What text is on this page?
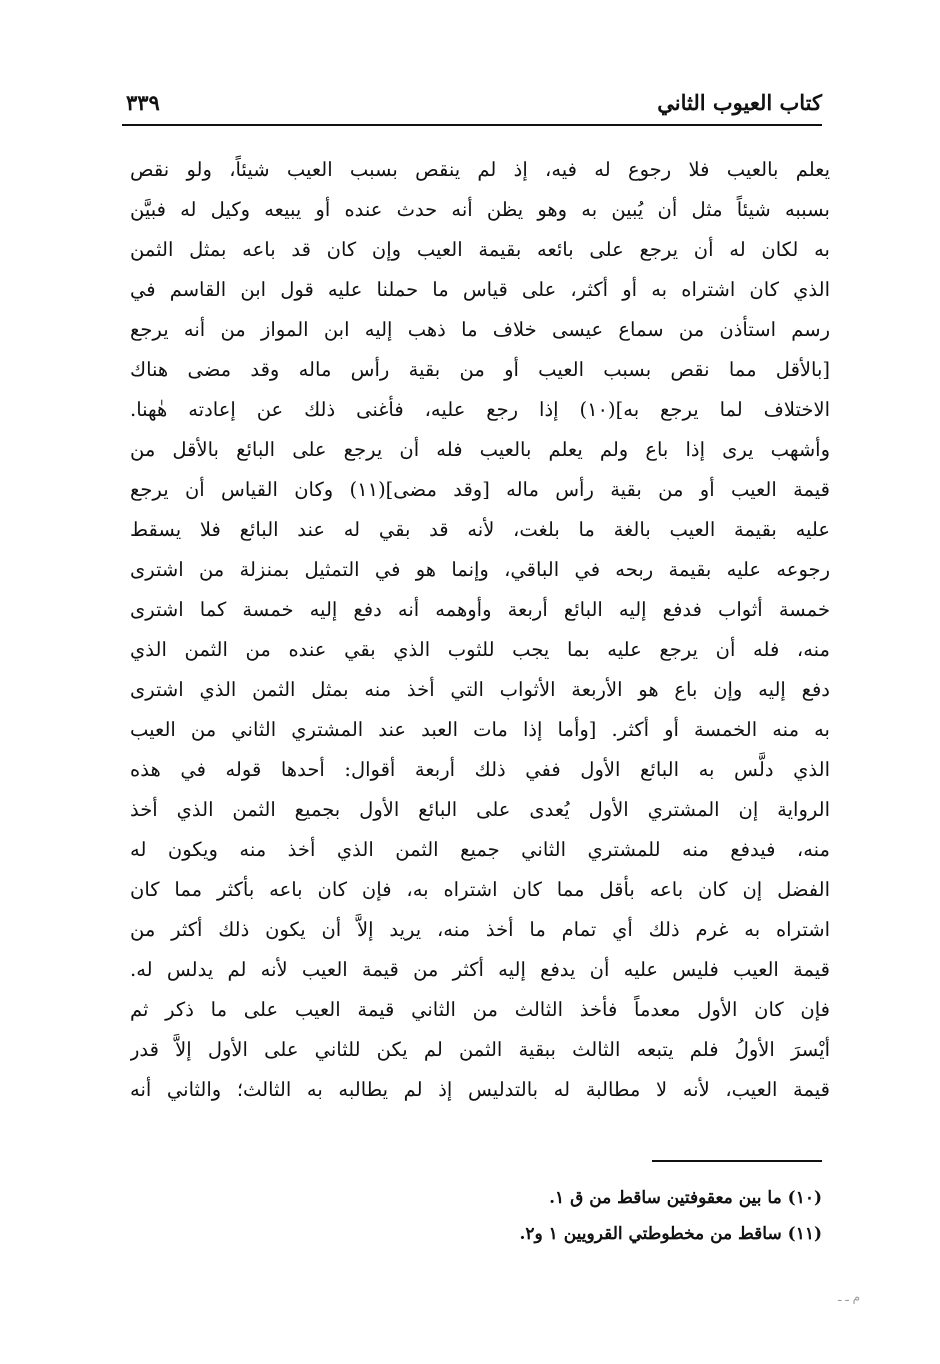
كتاب العيوب الثاني
٣٣٩
يعلم بالعيب فلا رجوع له فيه، إذ لم ينقص بسبب العيب شيئاً، ولو نقص
بسببه شيئاً مثل أن يُبين به وهو يظن أنه حدث عنده أو يبيعه وكيل له فبيَّن
به لكان له أن يرجع على بائعه بقيمة العيب وإن كان قد باعه بمثل الثمن
الذي كان اشتراه به أو أكثر، على قياس ما حملنا عليه قول ابن القاسم في
رسم استأذن من سماع عيسى خلاف ما ذهب إليه ابن المواز من أنه يرجع
[بالأقل مما نقص بسبب العيب أو من بقية رأس ماله وقد مضى هناك
الاختلاف لما يرجع به](١٠) إذا رجع عليه، فأغنى ذلك عن إعادته هٰهنا.
وأشهب يرى إذا باع ولم يعلم بالعيب فله أن يرجع على البائع بالأقل من
قيمة العيب أو من بقية رأس ماله [وقد مضى](١١) وكان القياس أن يرجع
عليه بقيمة العيب بالغة ما بلغت، لأنه قد بقي له عند البائع فلا يسقط
رجوعه عليه بقيمة ربحه في الباقي، وإنما هو في التمثيل بمنزلة من اشترى
خمسة أثواب فدفع إليه البائع أربعة وأوهمه أنه دفع إليه خمسة كما اشترى
منه، فله أن يرجع عليه بما يجب للثوب الذي بقي عنده من الثمن الذي
دفع إليه وإن باع هو الأربعة الأثواب التي أخذ منه بمثل الثمن الذي اشترى
به منه الخمسة أو أكثر. [وأما إذا مات العبد عند المشتري الثاني من العيب
الذي دلَّس به البائع الأول ففي ذلك أربعة أقوال: أحدها قوله في هذه
الرواية إن المشتري الأول يُعدى على البائع الأول بجميع الثمن الذي أخذ
منه، فيدفع منه للمشتري الثاني جميع الثمن الذي أخذ منه ويكون له
الفضل إن كان باعه بأقل مما كان اشتراه به، فإن كان باعه بأكثر مما كان
اشتراه به غرم ذلك أي تمام ما أخذ منه، يريد إلاَّ أن يكون ذلك أكثر من
قيمة العيب فليس عليه أن يدفع إليه أكثر من قيمة العيب لأنه لم يدلس له.
فإن كان الأول معدماً فأخذ الثالث من الثاني قيمة العيب على ما ذكر ثم
أيْسرَ الأولُ فلم يتبعه الثالث ببقية الثمن لم يكن للثاني على الأول إلاَّ قدر
قيمة العيب، لأنه لا مطالبة له بالتدليس إذ لم يطالبه به الثالث؛ والثاني أنه
(١٠) ما بين معقوفتين ساقط من ق ١.
(١١) ساقط من مخطوطتي القرويين ١ و٢.
م ـ ـ
